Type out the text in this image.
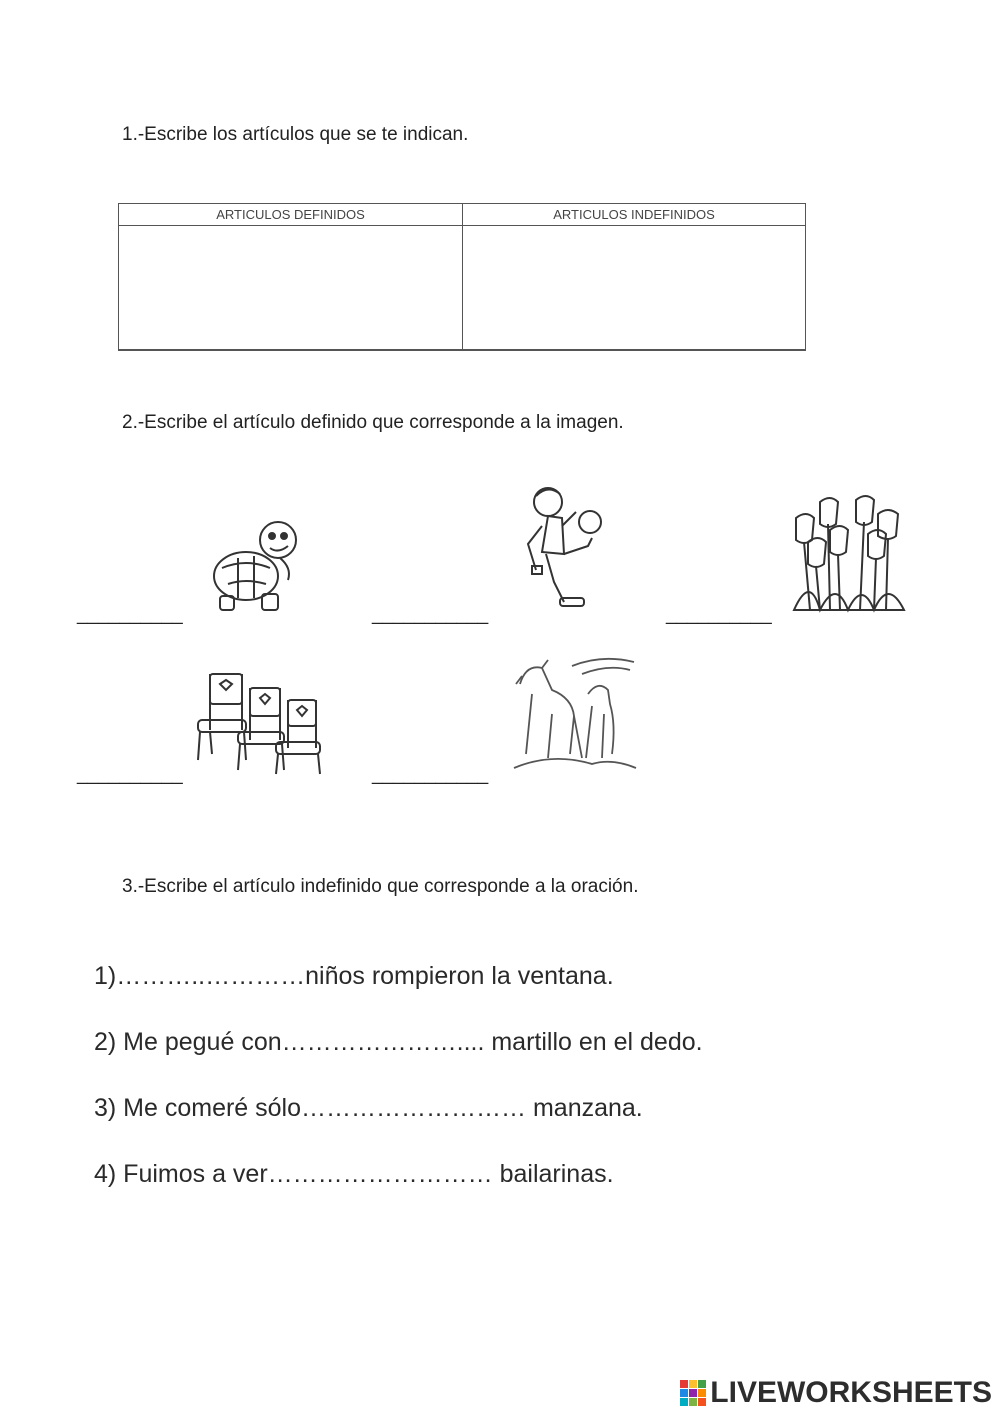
1.-Escribe los artículos que se te indican.
ARTICULOS DEFINIDOS	ARTICULOS INDEFINIDOS
2.-Escribe el artículo definido que corresponde a la imagen.
__________	___________	__________
__________	___________
3.-Escribe el artículo indefinido que corresponde a la oración.
1)………..…………niños rompieron la ventana.
2) Me pegué con………………….... martillo en el dedo.
3) Me comeré sólo……………………… manzana.
4) Fuimos a ver……………………… bailarinas.
LIVEWORKSHEETS
